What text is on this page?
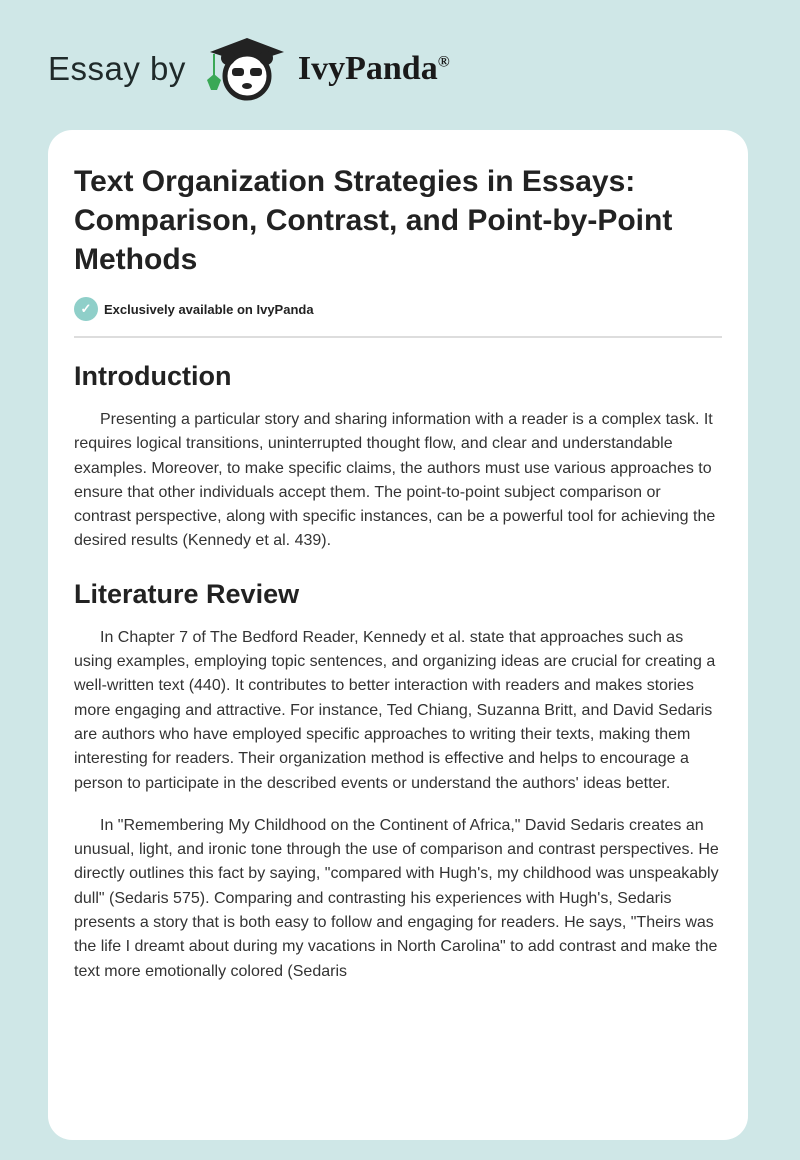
Essay by	IvyPanda®
Text Organization Strategies in Essays: Comparison, Contrast, and Point-by-Point Methods
✓ Exclusively available on IvyPanda
Introduction

Presenting a particular story and sharing information with a reader is a complex task. It requires logical transitions, uninterrupted thought flow, and clear and understandable examples. Moreover, to make specific claims, the authors must use various approaches to ensure that other individuals accept them. The point-to-point subject comparison or contrast perspective, along with specific instances, can be a powerful tool for achieving the desired results (Kennedy et al. 439).

Literature Review

In Chapter 7 of The Bedford Reader, Kennedy et al. state that approaches such as using examples, employing topic sentences, and organizing ideas are crucial for creating a well-written text (440). It contributes to better interaction with readers and makes stories more engaging and attractive. For instance, Ted Chiang, Suzanna Britt, and David Sedaris are authors who have employed specific approaches to writing their texts, making them interesting for readers. Their organization method is effective and helps to encourage a person to participate in the described events or understand the authors' ideas better.

In "Remembering My Childhood on the Continent of Africa," David Sedaris creates an unusual, light, and ironic tone through the use of comparison and contrast perspectives. He directly outlines this fact by saying, "compared with Hugh's, my childhood was unspeakably dull" (Sedaris 575). Comparing and contrasting his experiences with Hugh's, Sedaris presents a story that is both easy to follow and engaging for readers. He says, "Theirs was the life I dreamt about during my vacations in North Carolina" to add contrast and make the text more emotionally colored (Sedaris
